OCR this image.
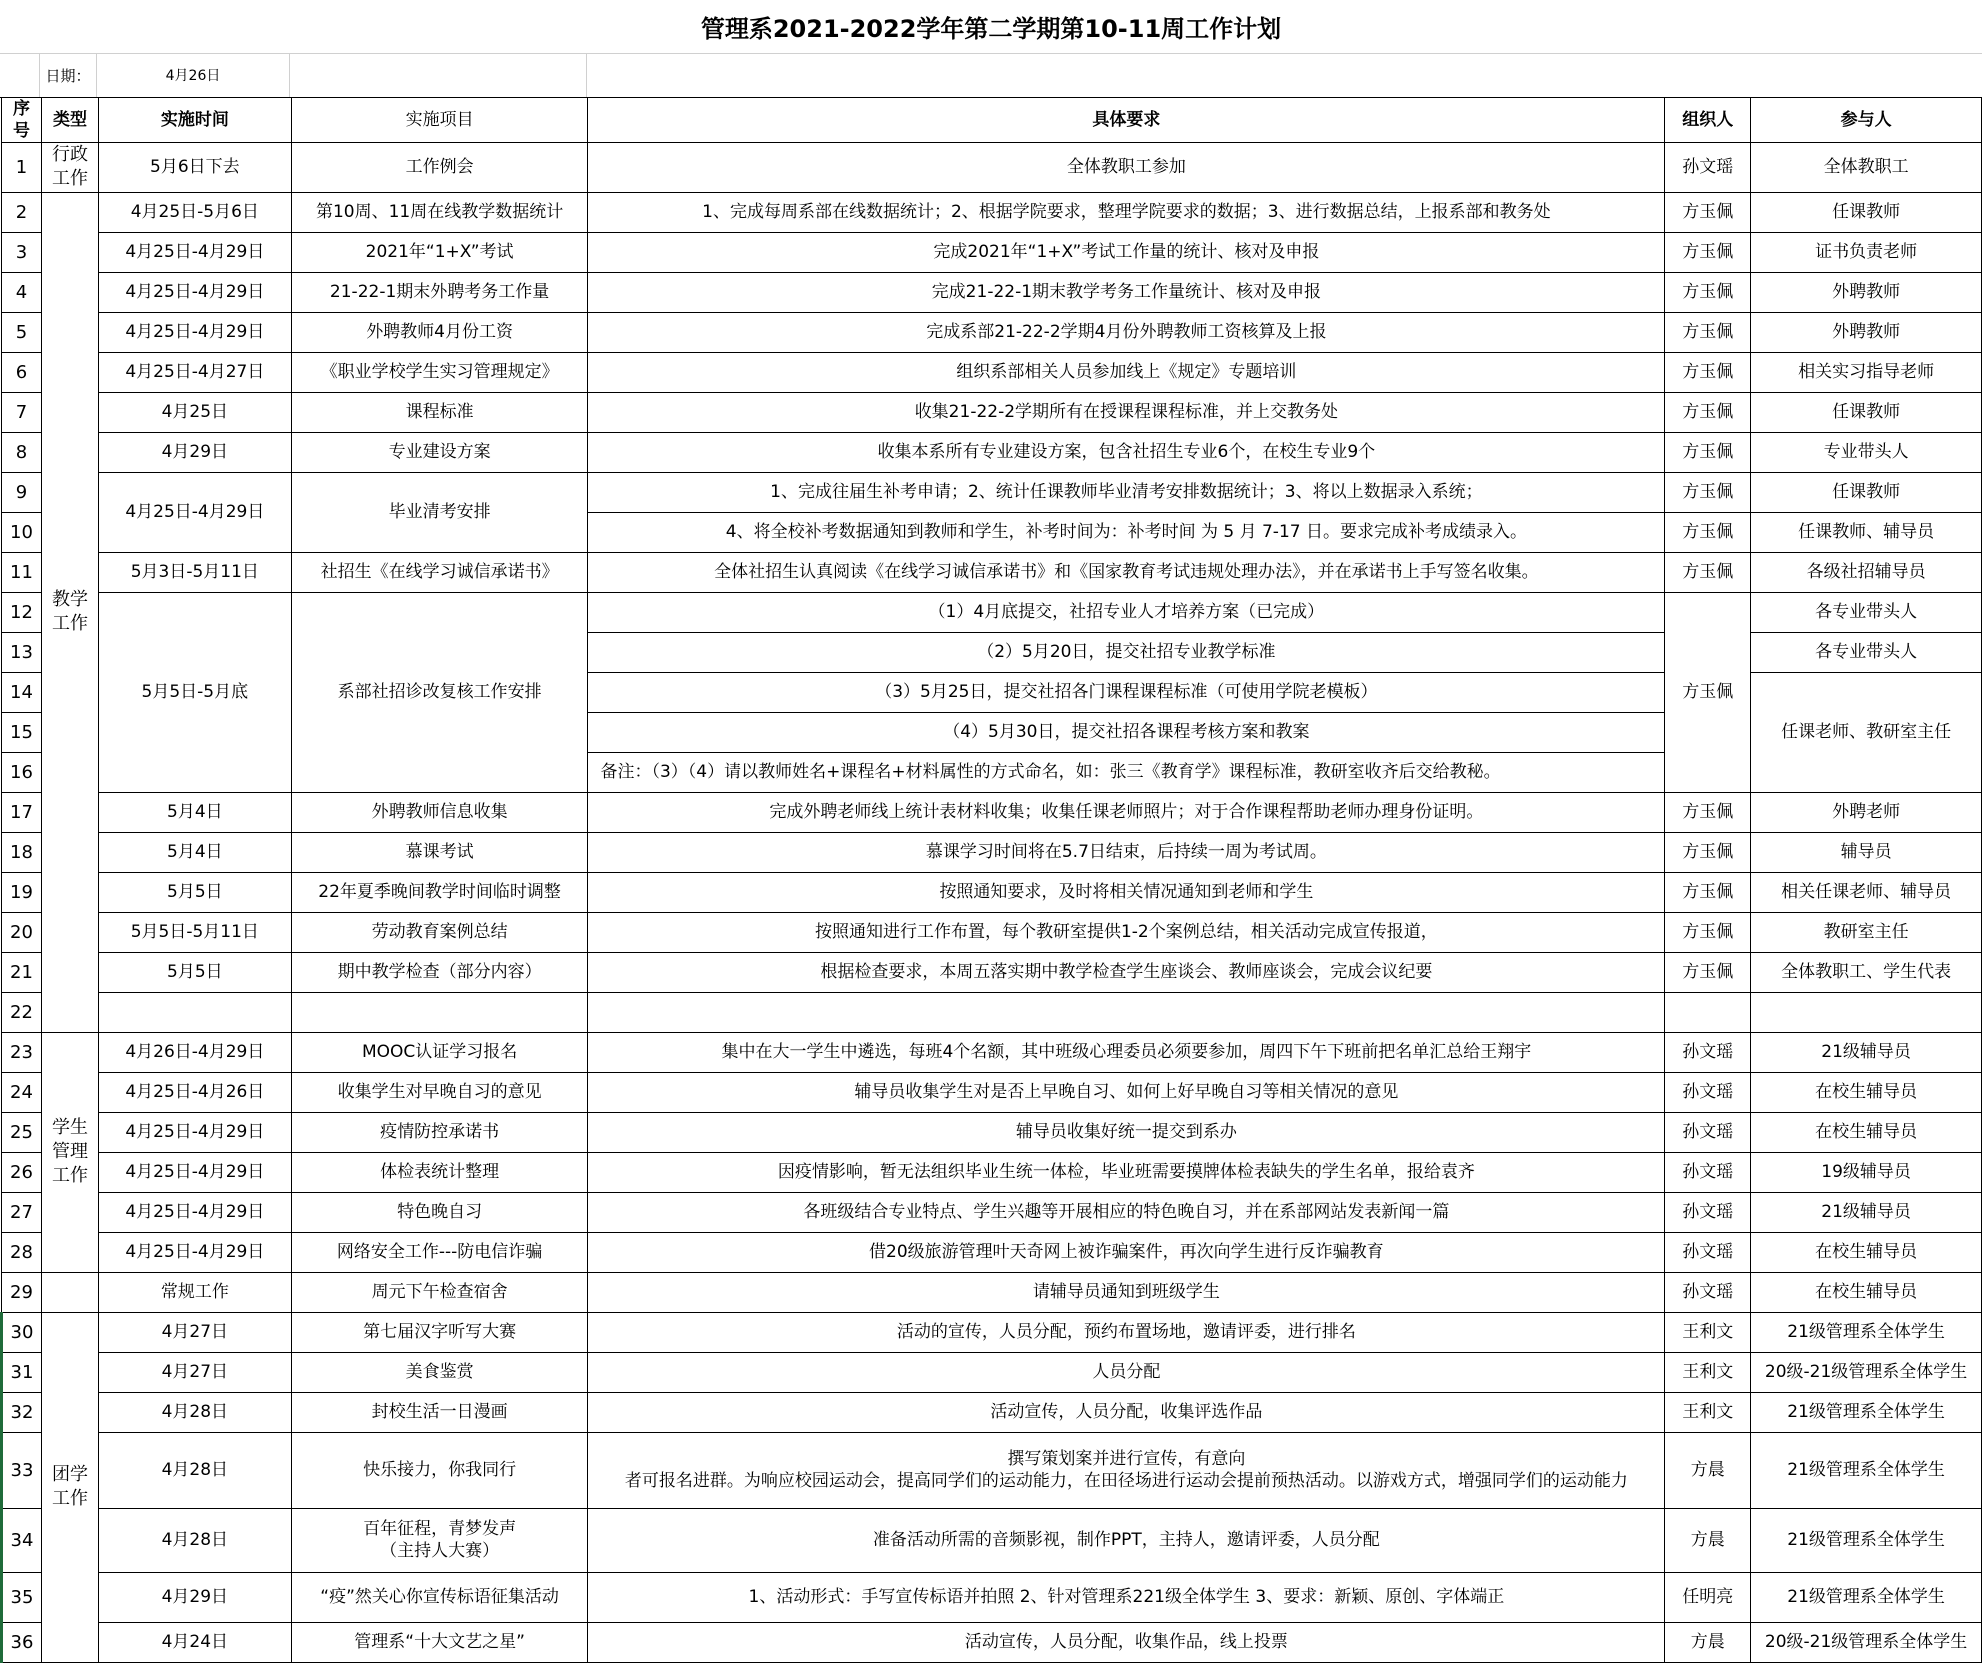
管理系2021-2022学年第二学期第10-11周工作计划
日期：	4月26日
序号	类型	实施时间	实施项目	具体要求	组织人	参与人
1	行政工作	5月6日下去	工作例会	全体教职工参加	孙文瑶	全体教职工
2	教学工作	4月25日-5月6日	第10周、11周在线教学数据统计	1、完成每周系部在线数据统计；2、根据学院要求，整理学院要求的数据；3、进行数据总结，上报系部和教务处	方玉佩	任课教师
3		4月25日-4月29日	2021年“1+X”考试	完成2021年“1+X”考试工作量的统计、核对及申报	方玉佩	证书负责老师
4		4月25日-4月29日	21-22-1期末外聘考务工作量	完成21-22-1期末教学考务工作量统计、核对及申报	方玉佩	外聘教师
5		4月25日-4月29日	外聘教师4月份工资	完成系部21-22-2学期4月份外聘教师工资核算及上报	方玉佩	外聘教师
6		4月25日-4月27日	《职业学校学生实习管理规定》	组织系部相关人员参加线上《规定》专题培训	方玉佩	相关实习指导老师
7		4月25日	课程标准	收集21-22-2学期所有在授课程课程标准，并上交教务处	方玉佩	任课教师
8		4月29日	专业建设方案	收集本系所有专业建设方案，包含社招生专业6个，在校生专业9个	方玉佩	专业带头人
9		4月25日-4月29日	毕业清考安排	1、完成往届生补考申请；2、统计任课教师毕业清考安排数据统计；3、将以上数据录入系统；	方玉佩	任课教师
10				4、将全校补考数据通知到教师和学生，补考时间为：补考时间 为 5 月 7-17 日。要求完成补考成绩录入。	方玉佩	任课教师、辅导员
11		5月3日-5月11日	社招生《在线学习诚信承诺书》	全体社招生认真阅读《在线学习诚信承诺书》和《国家教育考试违规处理办法》，并在承诺书上手写签名收集。	方玉佩	各级社招辅导员
12		5月5日-5月底	系部社招诊改复核工作安排	（1）4月底提交，社招专业人才培养方案（已完成）	方玉佩	各专业带头人
13				（2）5月20日，提交社招专业教学标准		各专业带头人
14				（3）5月25日，提交社招各门课程课程标准（可使用学院老模板）		任课老师、教研室主任
15				（4）5月30日，提交社招各课程考核方案和教案		
16				备注：（3）（4）请以教师姓名+课程名+材料属性的方式命名，如：张三《教育学》课程标准，教研室收齐后交给教秘。		
17		5月4日	外聘教师信息收集	完成外聘老师线上统计表材料收集；收集任课老师照片；对于合作课程帮助老师办理身份证明。	方玉佩	外聘老师
18		5月4日	慕课考试	慕课学习时间将在5.7日结束，后持续一周为考试周。	方玉佩	辅导员
19		5月5日	22年夏季晚间教学时间临时调整	按照通知要求，及时将相关情况通知到老师和学生	方玉佩	相关任课老师、辅导员
20		5月5日-5月11日	劳动教育案例总结	按照通知进行工作布置，每个教研室提供1-2个案例总结，相关活动完成宣传报道，	方玉佩	教研室主任
21		5月5日	期中教学检查（部分内容）	根据检查要求，本周五落实期中教学检查学生座谈会、教师座谈会，完成会议纪要	方玉佩	全体教职工、学生代表
22						
23	学生管理工作	4月26日-4月29日	MOOC认证学习报名	集中在大一学生中遴选，每班4个名额，其中班级心理委员必须要参加，周四下午下班前把名单汇总给王翔宇	孙文瑶	21级辅导员
24		4月25日-4月26日	收集学生对早晚自习的意见	辅导员收集学生对是否上早晚自习、如何上好早晚自习等相关情况的意见	孙文瑶	在校生辅导员
25		4月25日-4月29日	疫情防控承诺书	辅导员收集好统一提交到系办	孙文瑶	在校生辅导员
26		4月25日-4月29日	体检表统计整理	因疫情影响，暂无法组织毕业生统一体检，毕业班需要摸牌体检表缺失的学生名单，报给袁齐	孙文瑶	19级辅导员
27		4月25日-4月29日	特色晚自习	各班级结合专业特点、学生兴趣等开展相应的特色晚自习，并在系部网站发表新闻一篇	孙文瑶	21级辅导员
28		4月25日-4月29日	网络安全工作---防电信诈骗	借20级旅游管理叶天奇网上被诈骗案件，再次向学生进行反诈骗教育	孙文瑶	在校生辅导员
29		常规工作	周元下午检查宿舍	请辅导员通知到班级学生	孙文瑶	在校生辅导员
30	团学工作	4月27日	第七届汉字听写大赛	活动的宣传，人员分配，预约布置场地，邀请评委，进行排名	王利文	21级管理系全体学生
31		4月27日	美食鉴赏	人员分配	王利文	20级-21级管理系全体学生
32		4月28日	封校生活一日漫画	活动宣传，人员分配，收集评选作品	王利文	21级管理系全体学生
33		4月28日	快乐接力，你我同行	撰写策划案并进行宣传，有意向
者可报名进群。为响应校园运动会，提高同学们的运动能力，在田径场进行运动会提前预热活动。以游戏方式，增强同学们的运动能力	方晨	21级管理系全体学生
34		4月28日	百年征程，青梦发声
（主持人大赛）	准备活动所需的音频影视，制作PPT，主持人，邀请评委，人员分配	方晨	21级管理系全体学生
35		4月29日	“疫”然关心你宣传标语征集活动	1、活动形式：手写宣传标语并拍照 2、针对管理系221级全体学生 3、要求：新颖、原创、字体端正	任明亮	21级管理系全体学生
36		4月24日	管理系“十大文艺之星”	活动宣传，人员分配，收集作品，线上投票	方晨	20级-21级管理系全体学生
